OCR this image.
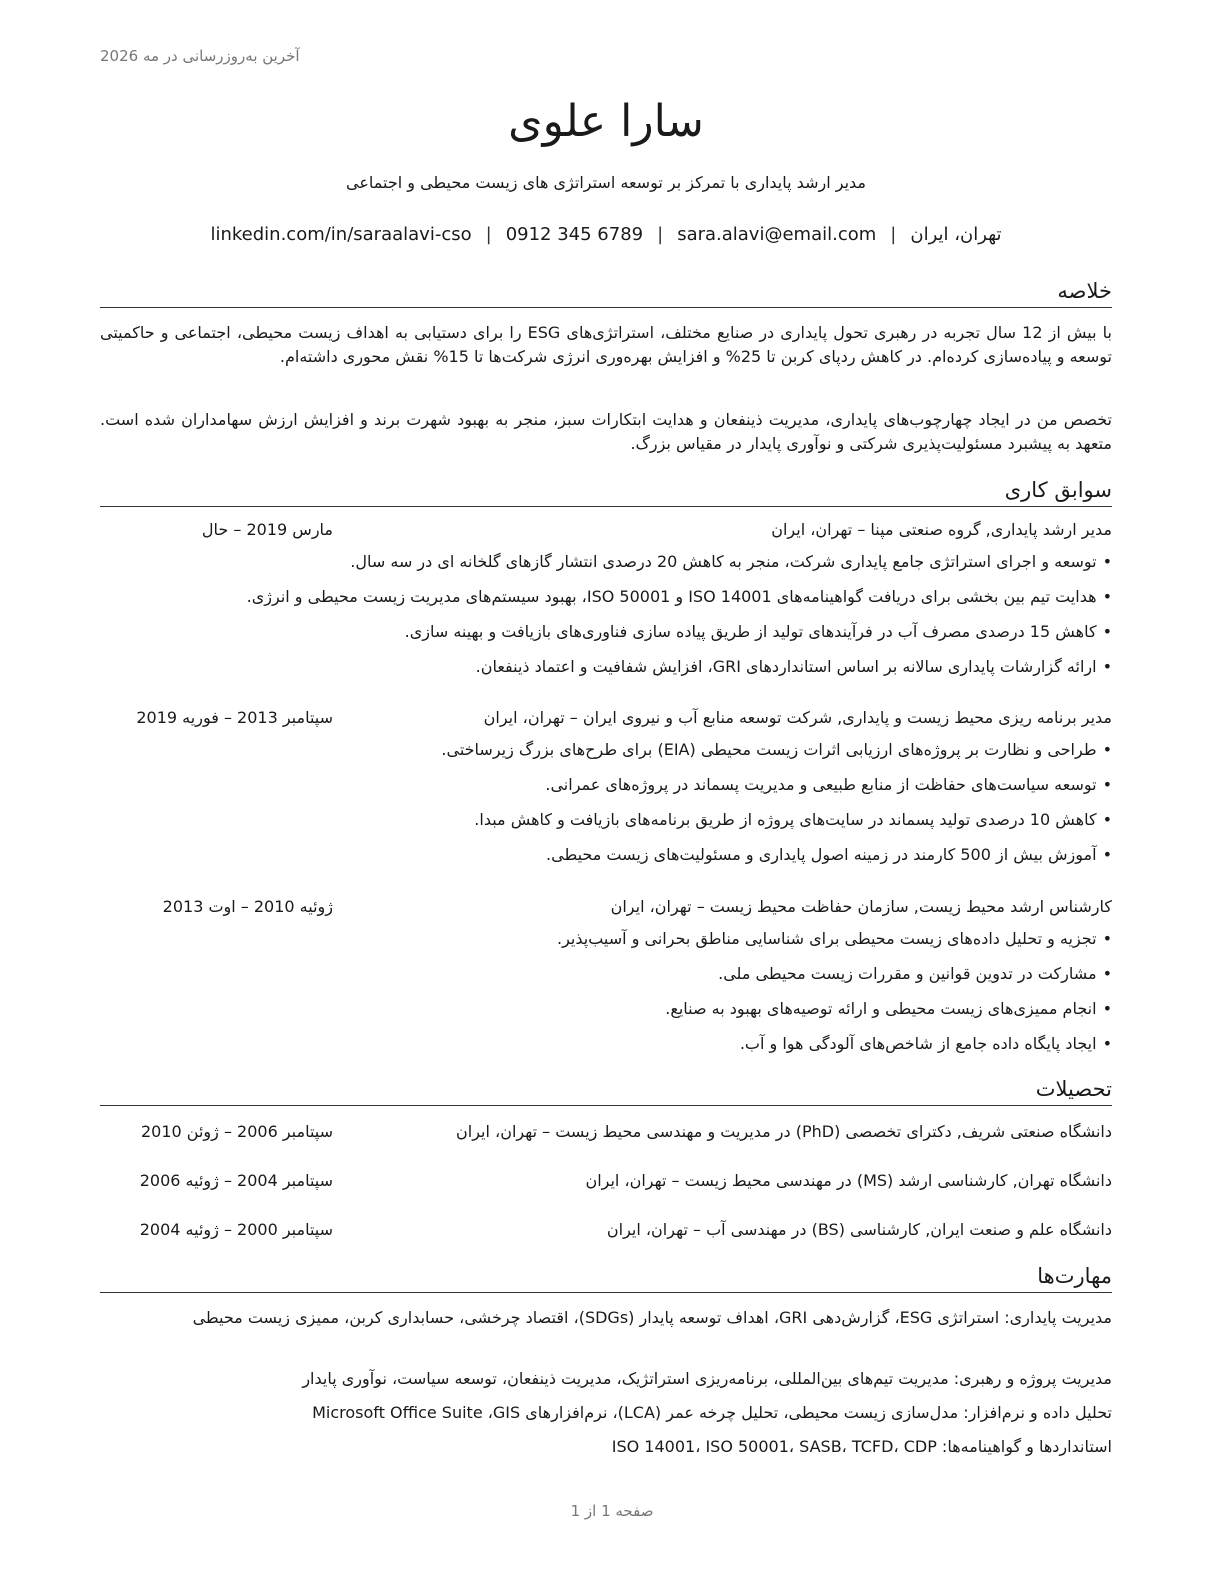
آخرین به‌روزرسانی در مه 2026
سارا علوی

مدیر ارشد پایداری با تمرکز بر توسعه استراتژی های زیست محیطی و اجتماعی

تهران، ایران|sara.alavi@email.com|0912 345 6789|linkedin.com/in/saraalavi-cso
خلاصه

با بیش از 12 سال تجربه در رهبری تحول پایداری در صنایع مختلف، استراتژی‌های ESG را برای دستیابی به اهداف زیست محیطی، اجتماعی و حاکمیتی توسعه و پیاده‌سازی کرده‌ام. در کاهش ردپای کربن تا 25% و افزایش بهره‌وری انرژی شرکت‌ها تا 15% نقش محوری داشته‌ام.

تخصص من در ایجاد چهارچوب‌های پایداری، مدیریت ذینفعان و هدایت ابتکارات سبز، منجر به بهبود شهرت برند و افزایش ارزش سهامداران شده است. متعهد به پیشبرد مسئولیت‌پذیری شرکتی و نوآوری پایدار در مقیاس بزرگ.

سوابق کاری
مدیر ارشد پایداری, گروه صنعتی مپنا – تهران، ایران
مارس 2019 – حال
•توسعه و اجرای استراتژی جامع پایداری شرکت، منجر به کاهش 20 درصدی انتشار گازهای گلخانه ای در سه سال.
•هدایت تیم بین بخشی برای دریافت گواهینامه‌های ISO 14001 و ISO 50001، بهبود سیستم‌های مدیریت زیست محیطی و انرژی.
•کاهش 15 درصدی مصرف آب در فرآیندهای تولید از طریق پیاده سازی فناوری‌های بازیافت و بهینه سازی.
•ارائه گزارشات پایداری سالانه بر اساس استانداردهای GRI، افزایش شفافیت و اعتماد ذینفعان.
مدیر برنامه ریزی محیط زیست و پایداری, شرکت توسعه منابع آب و نیروی ایران – تهران، ایران
سپتامبر 2013 – فوریه 2019
•طراحی و نظارت بر پروژه‌های ارزیابی اثرات زیست محیطی (EIA) برای طرح‌های بزرگ زیرساختی.
•توسعه سیاست‌های حفاظت از منابع طبیعی و مدیریت پسماند در پروژه‌های عمرانی.
•کاهش 10 درصدی تولید پسماند در سایت‌های پروژه از طریق برنامه‌های بازیافت و کاهش مبدا.
•آموزش بیش از 500 کارمند در زمینه اصول پایداری و مسئولیت‌های زیست محیطی.
کارشناس ارشد محیط زیست, سازمان حفاظت محیط زیست – تهران، ایران
ژوئیه 2010 – اوت 2013
•تجزیه و تحلیل داده‌های زیست محیطی برای شناسایی مناطق بحرانی و آسیب‌پذیر.
•مشارکت در تدوین قوانین و مقررات زیست محیطی ملی.
•انجام ممیزی‌های زیست محیطی و ارائه توصیه‌های بهبود به صنایع.
•ایجاد پایگاه داده جامع از شاخص‌های آلودگی هوا و آب.
تحصیلات
دانشگاه صنعتی شریف, دکترای تخصصی (PhD) در مدیریت و مهندسی محیط زیست – تهران، ایران
سپتامبر 2006 – ژوئن 2010
دانشگاه تهران, کارشناسی ارشد (MS) در مهندسی محیط زیست – تهران، ایران
سپتامبر 2004 – ژوئیه 2006
دانشگاه علم و صنعت ایران, کارشناسی (BS) در مهندسی آب – تهران، ایران
سپتامبر 2000 – ژوئیه 2004
مهارت‌ها

مدیریت پایداری: استراتژی ESG، گزارش‌دهی GRI، اهداف توسعه پایدار (SDGs)، اقتصاد چرخشی، حسابداری کربن، ممیزی زیست محیطی

مدیریت پروژه و رهبری: مدیریت تیم‌های بین‌المللی، برنامه‌ریزی استراتژیک، مدیریت ذینفعان، توسعه سیاست، نوآوری پایدار

تحلیل داده و نرم‌افزار: مدل‌سازی زیست محیطی، تحلیل چرخه عمر (LCA)، نرم‌افزارهای Microsoft Office Suite ،GIS

استانداردها و گواهینامه‌ها: ISO 14001، ISO 50001، SASB، TCFD، CDP

صفحه 1 از 1
